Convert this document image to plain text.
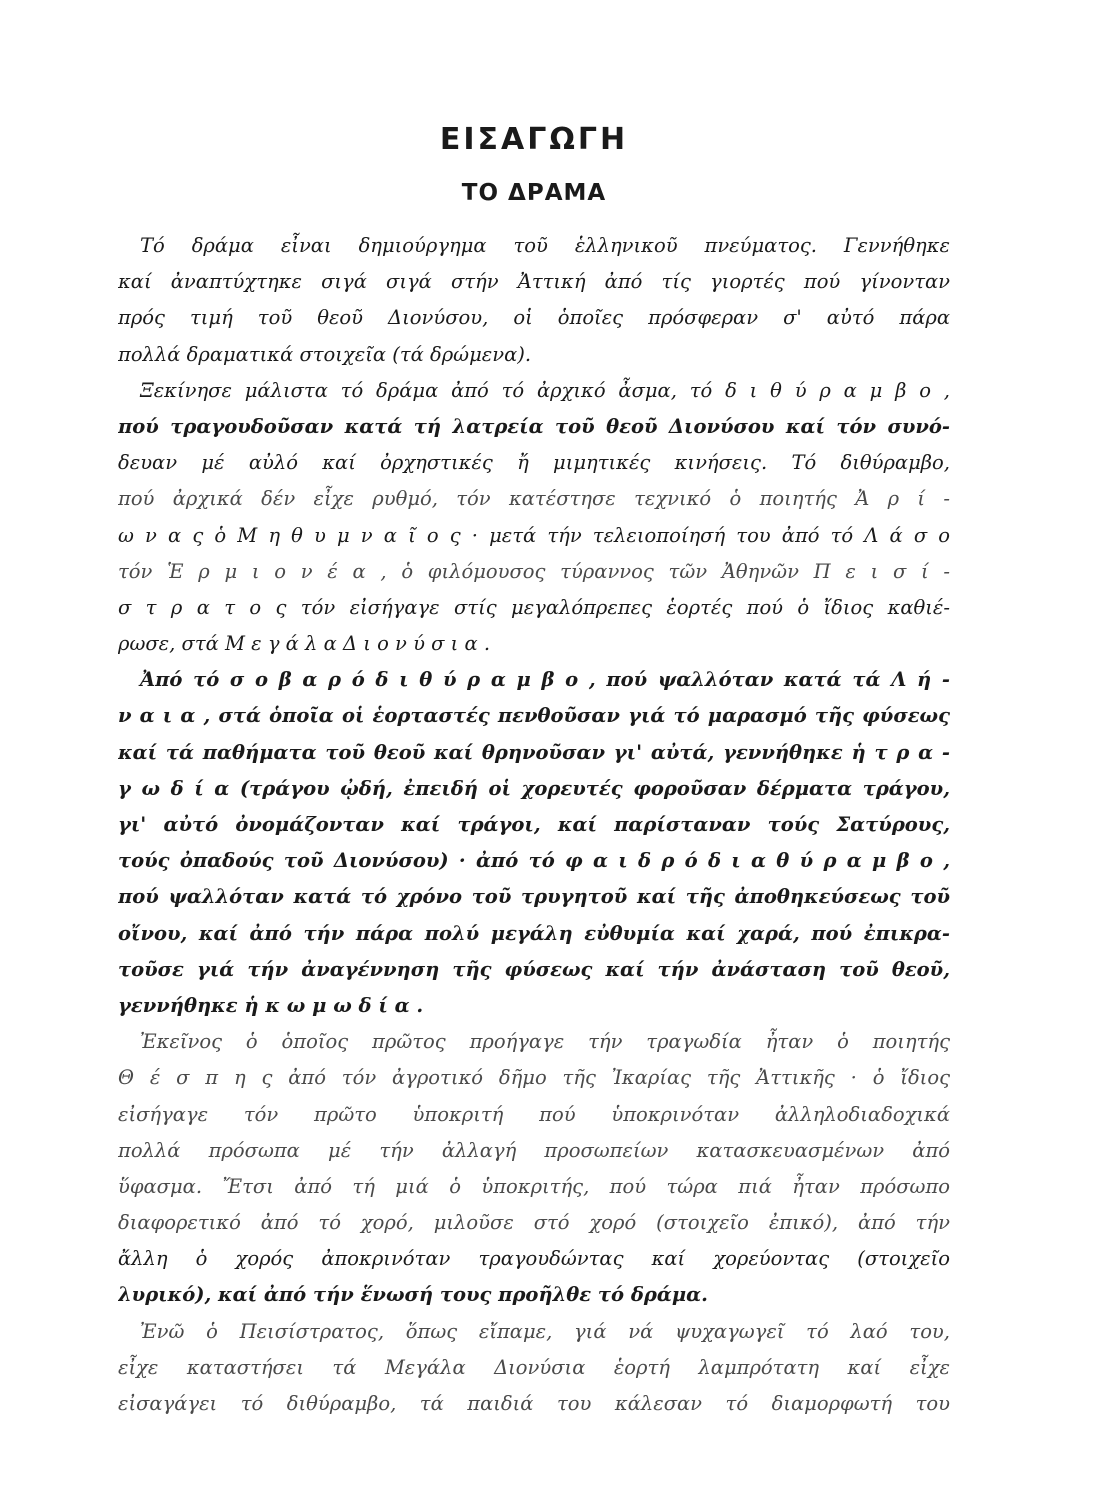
ΕΙΣΑΓΩΓΗ
ΤΟ ΔΡΑΜΑ
Τό δράμα εἶναι δημιούργημα τοῦ ἑλληνικοῦ πνεύματος. Γεννήθηκε
καί ἀναπτύχτηκε σιγά σιγά στήν Ἀττική ἀπό τίς γιορτές πού γίνονταν
πρός τιμή τοῦ θεοῦ Διονύσου, οἱ ὁποῖες πρόσφεραν σ' αὐτό πάρα
πολλά δραματικά στοιχεῖα (τά δρώμενα).
Ξεκίνησε μάλιστα τό δράμα ἀπό τό ἀρχικό ἆσμα, τό δ ι θ ύ ρ α μ β ο ,
πού τραγουδοῦσαν κατά τή λατρεία τοῦ θεοῦ Διονύσου καί τόν συνό-
δευαν μέ αὐλό καί ὀρχηστικές ἤ μιμητικές κινήσεις. Τό διθύραμβο,
πού ἀρχικά δέν εἶχε ρυθμό, τόν κατέστησε τεχνικό ὁ ποιητής Ἀ ρ ί -
ω ν α ς ὁ Μ η θ υ μ ν α ῖ ο ς · μετά τήν τελειοποίησή του ἀπό τό Λ ά σ ο
τόν Ἑ ρ μ ι ο ν έ α , ὁ φιλόμουσος τύραννος τῶν Ἀθηνῶν Π ε ι σ ί -
σ τ ρ α τ ο ς τόν εἰσήγαγε στίς μεγαλόπρεπες ἑορτές πού ὁ ἴδιος καθιέ-
ρωσε, στά Μ ε γ ά λ α Δ ι ο ν ύ σ ι α .
Ἀπό τό σ ο β α ρ ό δ ι θ ύ ρ α μ β ο , πού ψαλλόταν κατά τά Λ ή -
ν α ι α , στά ὁποῖα οἱ ἑορταστές πενθοῦσαν γιά τό μαρασμό τῆς φύσεως
καί τά παθήματα τοῦ θεοῦ καί θρηνοῦσαν γι' αὐτά, γεννήθηκε ἡ τ ρ α -
γ ω δ ί α (τράγου ᾠδή, ἐπειδή οἱ χορευτές φοροῦσαν δέρματα τράγου,
γι' αὐτό ὀνομάζονταν καί τράγοι, καί παρίσταναν τούς Σατύρους,
τούς ὀπαδούς τοῦ Διονύσου) · ἀπό τό φ α ι δ ρ ό δ ι α θ ύ ρ α μ β ο ,
πού ψαλλόταν κατά τό χρόνο τοῦ τρυγητοῦ καί τῆς ἀποθηκεύσεως τοῦ
οἴνου, καί ἀπό τήν πάρα πολύ μεγάλη εὐθυμία καί χαρά, πού ἐπικρα-
τοῦσε γιά τήν ἀναγέννηση τῆς φύσεως καί τήν ἀνάσταση τοῦ θεοῦ,
γεννήθηκε ἡ κ ω μ ω δ ί α .
Ἐκεῖνος ὁ ὁποῖος πρῶτος προήγαγε τήν τραγωδία ἦταν ὁ ποιητής
Θ έ σ π η ς ἀπό τόν ἀγροτικό δῆμο τῆς Ἰκαρίας τῆς Ἀττικῆς · ὁ ἴδιος
εἰσήγαγε τόν πρῶτο ὑποκριτή πού ὑποκρινόταν ἀλληλοδιαδοχικά
πολλά πρόσωπα μέ τήν ἀλλαγή προσωπείων κατασκευασμένων ἀπό
ὕφασμα. Ἔτσι ἀπό τή μιά ὁ ὑποκριτής, πού τώρα πιά ἦταν πρόσωπο
διαφορετικό ἀπό τό χορό, μιλοῦσε στό χορό (στοιχεῖο ἐπικό), ἀπό τήν
ἄλλη ὁ χορός ἀποκρινόταν τραγουδώντας καί χορεύοντας (στοιχεῖο
λυρικό), καί ἀπό τήν ἕνωσή τους προῆλθε τό δράμα.
Ἐνῶ ὁ Πεισίστρατος, ὅπως εἴπαμε, γιά νά ψυχαγωγεῖ τό λαό του,
εἶχε καταστήσει τά Μεγάλα Διονύσια ἑορτή λαμπρότατη καί εἶχε
εἰσαγάγει τό διθύραμβο, τά παιδιά του κάλεσαν τό διαμορφωτή του
